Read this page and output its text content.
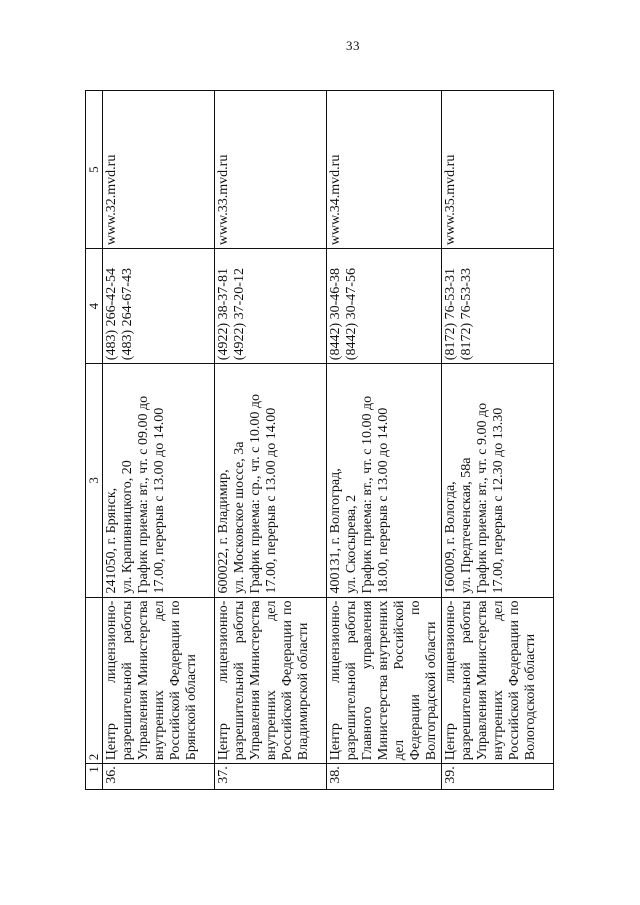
33
1	2	3	4	5
36.	Центр лицензионно-разрешительной работы Управления Министерства внутренних дел Российской Федерации по Брянской области	241050, г. Брянск, ул. Крапивницкого, 20 График приема: вт., чт. с 09.00 до 17.00, перерыв с 13.00 до 14.00	(483) 266-42-54 (483) 264-67-43	www.32.mvd.ru
37.	Центр лицензионно-разрешительной работы Управления Министерства внутренних дел Российской Федерации по Владимирской области	600022, г. Владимир, ул. Московское шоссе, 3а График приема: ср., чт. с 10.00 до 17.00, перерыв с 13.00 до 14.00	(4922) 38-37-81 (4922) 37-20-12	www.33.mvd.ru
38.	Центр лицензионно-разрешительной работы Главного управления Министерства внутренних дел Российской Федерации по Волгоградской области	400131, г. Волгоград, ул. Скосырева, 2 График приема: вт., чт. с 10.00 до 18.00, перерыв с 13.00 до 14.00	(8442) 30-46-38 (8442) 30-47-56	www.34.mvd.ru
39.	Центр лицензионно-разрешительной работы Управления Министерства внутренних дел Российской Федерации по Вологодской области	160009, г. Вологда, ул. Предтеченская, 58а График приема: вт., чт. с 9.00 до 17.00, перерыв с 12.30 до 13.30	(8172) 76-53-31 (8172) 76-53-33	www.35.mvd.ru
